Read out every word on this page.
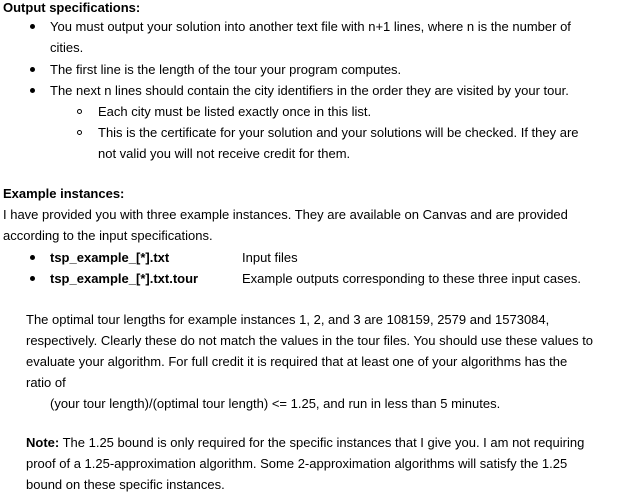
Output specifications:
You must output your solution into another text file with n+1 lines, where n is the number of
cities.
The first line is the length of the tour your program computes.
The next n lines should contain the city identifiers in the order they are visited by your tour.
Each city must be listed exactly once in this list.
This is the certificate for your solution and your solutions will be checked. If they are
not valid you will not receive credit for them.
Example instances:
I have provided you with three example instances. They are available on Canvas and are provided
according to the input specifications.
tsp_example_[*].txt	Input files
tsp_example_[*].txt.tour	Example outputs corresponding to these three input cases.
The optimal tour lengths for example instances 1, 2, and 3 are 108159, 2579 and 1573084,
respectively. Clearly these do not match the values in the tour files. You should use these values to
evaluate your algorithm. For full credit it is required that at least one of your algorithms has the
ratio of
(your tour length)/(optimal tour length) <= 1.25, and run in less than 5 minutes.
Note: The 1.25 bound is only required for the specific instances that I give you. I am not requiring
proof of a 1.25-approximation algorithm. Some 2-approximation algorithms will satisfy the 1.25
bound on these specific instances.
